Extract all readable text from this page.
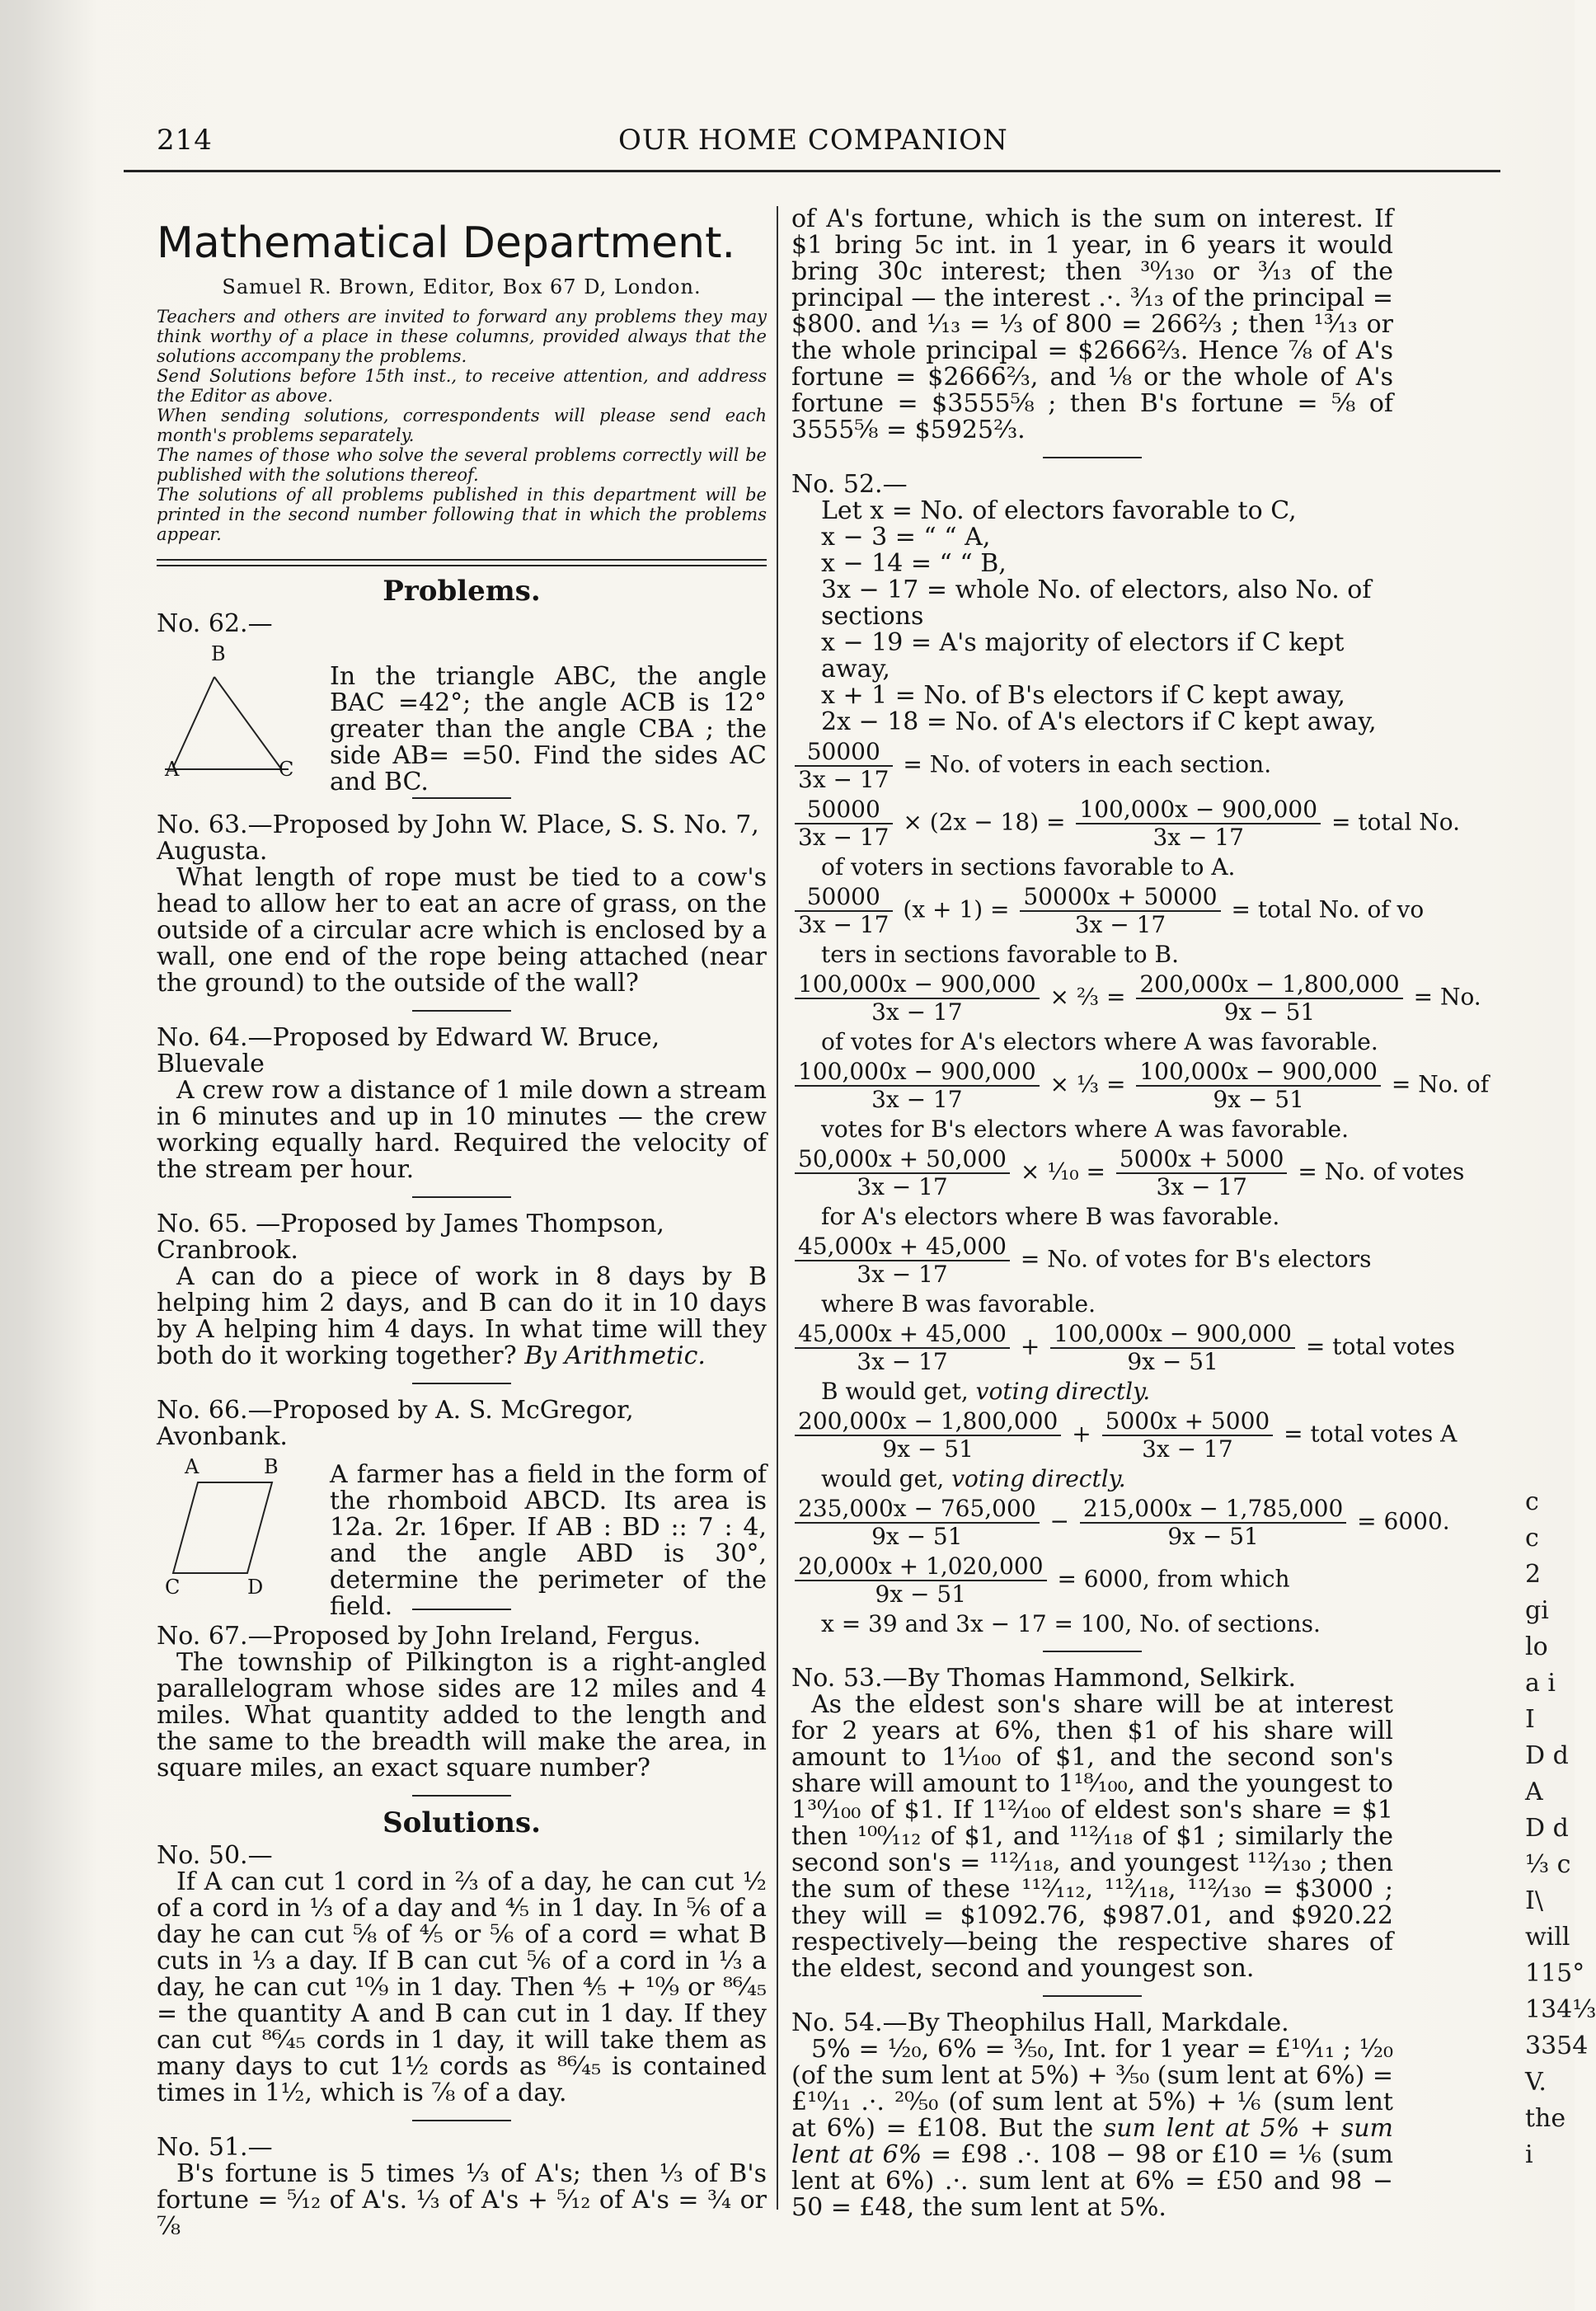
214	OUR HOME COMPANION
Mathematical Department.
Samuel R. Brown, Editor, Box 67 D, London.

Teachers and others are invited to forward any problems they may think worthy of a place in these columns, provided always that the solutions accompany the problems.

Send Solutions before 15th inst., to receive attention, and address the Editor as above.

When sending solutions, correspondents will please send each month's problems separately.

The names of those who solve the several problems correctly will be published with the solutions thereof.

The solutions of all problems published in this department will be printed in the second number following that in which the problems appear.

Problems.
No. 62.—
B
A	C

In the triangle ABC, the angle BAC =42°; the angle ACB is 12° greater than the angle CBA ; the side AB= =50. Find the sides AC and BC.

No. 63.—Proposed by John W. Place, S. S. No. 7, Augusta.

What length of rope must be tied to a cow's head to allow her to eat an acre of grass, on the outside of a circular acre which is enclosed by a wall, one end of the rope being attached (near the ground) to the outside of the wall?

No. 64.—Proposed by Edward W. Bruce, Bluevale

A crew row a distance of 1 mile down a stream in 6 minutes and up in 10 minutes — the crew working equally hard. Required the velocity of the stream per hour.

No. 65. —Proposed by James Thompson, Cranbrook.

A can do a piece of work in 8 days by B helping him 2 days, and B can do it in 10 days by A helping him 4 days. In what time will they both do it working together? By Arithmetic.

No. 66.—Proposed by A. S. McGregor, Avonbank.
A	B
C	D

A farmer has a field in the form of the rhomboid ABCD. Its area is 12a. 2r. 16per. If AB : BD :: 7 : 4, and the angle ABD is 30°, determine the perimeter of the field.

No. 67.—Proposed by John Ireland, Fergus.

The township of Pilkington is a right-angled parallelogram whose sides are 12 miles and 4 miles. What quantity added to the length and the same to the breadth will make the area, in square miles, an exact square number?

Solutions.
No. 50.—

If A can cut 1 cord in ⅔ of a day, he can cut ½ of a cord in ⅓ of a day and ⅘ in 1 day. In ⅚ of a day he can cut ⅝ of ⅘ or ⅚ of a cord = what B cuts in ⅓ a day. If B can cut ⅚ of a cord in ⅓ a day, he can cut ¹⁰⁄₉ in 1 day. Then ⅘ + ¹⁰⁄₉ or ⁸⁶⁄₄₅ = the quantity A and B can cut in 1 day. If they can cut ⁸⁶⁄₄₅ cords in 1 day, it will take them as many days to cut 1½ cords as ⁸⁶⁄₄₅ is contained times in 1½, which is ⅞ of a day.

No. 51.—

B's fortune is 5 times ⅓ of A's; then ⅓ of B's fortune = ⁵⁄₁₂ of A's. ⅓ of A's + ⁵⁄₁₂ of A's = ¾ or ⅞

of A's fortune, which is the sum on interest. If $1 bring 5c int. in 1 year, in 6 years it would bring 30c interest; then ³⁰⁄₁₃₀ or ³⁄₁₃ of the principal — the interest .·. ³⁄₁₃ of the principal = $800. and ¹⁄₁₃ = ⅓ of 800 = 266⅔ ; then ¹³⁄₁₃ or the whole principal = $2666⅔. Hence ⅞ of A's fortune = $2666⅔, and ⅛ or the whole of A's fortune = $3555⅝ ; then B's fortune = ⅝ of 3555⅝ = $5925⅔.

No. 52.—
Let x = No. of electors favorable to C,
x − 3 = “ “ A,
x − 14 = “ “ B,
3x − 17 = whole No. of electors, also No. of sections
x − 19 = A's majority of electors if C kept away,
x + 1 = No. of B's electors if C kept away,
2x − 18 = No. of A's electors if C kept away,
$\frac{50000}{3x - 17} = No$. of voters in each section.
$\frac{50000}{3x - 17} \times (2x - 18) = \frac{100,000x - 900,000}{3x - 17}$ = total No.
of voters in sections favorable to A.
$\frac{50000}{3x - 17} (x + 1) = \frac{50000x + 50000}{3x - 17}$ = total No. of vo
ters in sections favorable to B.
$\frac{100,000x - 900,000}{3x - 17}$ × ⅔ = $\frac{200,000x - 1,800,000}{9x - 51} = No$.
of votes for A's electors where A was favorable.
$\frac{100,000x - 900,000}{3x - 17}$ × ⅓ = $\frac{100,000x - 900,000}{9x - 51} = No$. of
votes for B's electors where A was favorable.
$\frac{50,000x + 50,000}{3x - 17}$ × ⅒ = $\frac{5000x + 5000}{3x - 17} = No$. of votes
for A's electors where B was favorable.
$\frac{45,000x + 45,000}{3x - 17} = No$. of votes for B's electors
where B was favorable.
$\frac{45,000x + 45,000}{3x - 17} + \frac{100,000x - 900,000}{9x - 51}$ = total votes
B would get, voting directly.
$\frac{200,000x - 1,800,000}{9x - 51} + \frac{5000x + 5000}{3x - 17}$ = total votes A
would get, voting directly.
$\frac{235,000x - 765,000}{9x - 51} - \frac{215,000x - 1,785,000}{9x - 51} = 6000$.
$\frac{20,000x + 1,020,000}{9x - 51} = 6000$, from which
x = 39 and 3x − 17 = 100, No. of sections.
No. 53.—By Thomas Hammond, Selkirk.

As the eldest son's share will be at interest for 2 years at 6%, then $1 of his share will amount to 1⅟₁₀₀ of $1, and the second son's share will amount to 1¹⁸⁄₁₀₀, and the youngest to 1³⁰⁄₁₀₀ of $1. If 1¹²⁄₁₀₀ of eldest son's share = $1 then ¹⁰⁰⁄₁₁₂ of $1, and ¹¹²⁄₁₁₈ of $1 ; similarly the second son's = ¹¹²⁄₁₁₈, and youngest ¹¹²⁄₁₃₀ ; then the sum of these ¹¹²⁄₁₁₂, ¹¹²⁄₁₁₈, ¹¹²⁄₁₃₀ = $3000 ; they will = $1092.76, $987.01, and $920.22 respectively—being the respective shares of the eldest, second and youngest son.

No. 54.—By Theophilus Hall, Markdale.

5% = ¹⁄₂₀, 6% = ³⁄₅₀, Int. for 1 year = £¹⁰⁄₁₁ ; ¹⁄₂₀ (of the sum lent at 5%) + ³⁄₅₀ (sum lent at 6%) = £¹⁰⁄₁₁ .·. ²⁰⁄₅₀ (of sum lent at 5%) + ⅙ (sum lent at 6%) = £108. But the sum lent at 5% + sum lent at 6% = £98 .·. 108 − 98 or £10 = ⅙ (sum lent at 6%) .·. sum lent at 6% = £50 and 98 − 50 = £48, the sum lent at 5%.

c
c
2
gi
lo
a i
I
D d
A
D d
⅓ c
I\
will
115°
134⅓
3354
V.
the i
